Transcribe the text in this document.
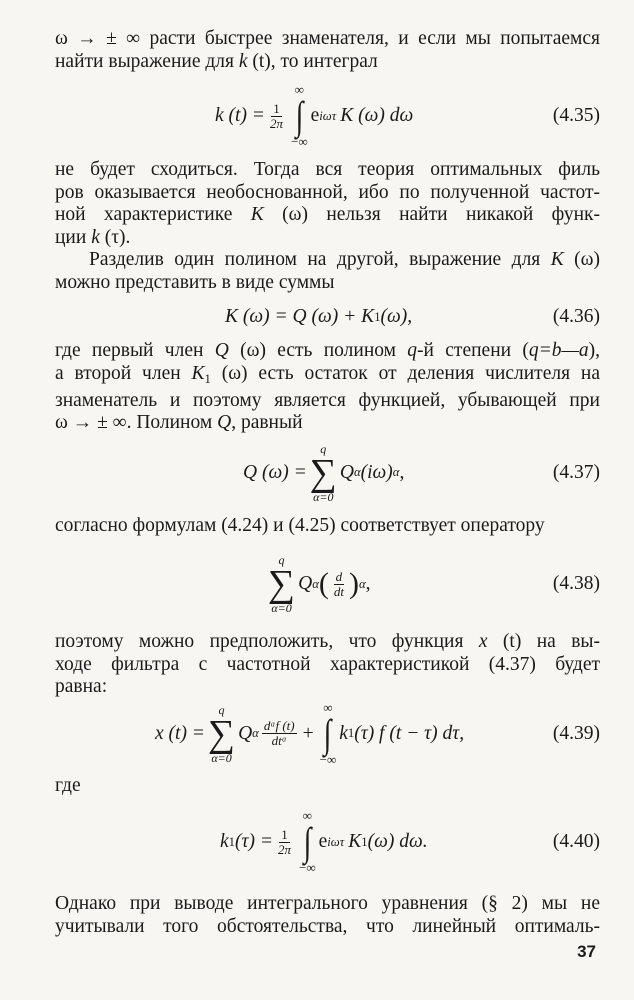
ω → ± ∞ расти быстрее знаменателя, и если мы попытаемся

найти выражение для k (t), то интеграл

k $(t) = \frac{1}{2\pi}$
∞
∫
−∞
e iωτ K (ω) dω	(4.35)

не будет сходиться. Тогда вся теория оптимальных филь

ров оказывается необоснованной, ибо по полученной частот-

ной характеристике K (ω) нельзя найти никакой функ-

ции k (τ).

Разделив один полином на другой, выражение для K (ω)

можно представить в виде суммы

K (ω) = Q (ω) + K 1 (ω),	(4.36)

где первый член Q (ω) есть полином q-й степени (q=b—a),

а второй член $K_1$ (ω) есть остаток от деления числителя на

знаменатель и поэтому является функцией, убывающей при

ω → ± ∞. Полином Q, равный

Q (ω) =
q
∑
α=0
Q α (iω) α ,	(4.37)

согласно формулам (4.24) и (4.25) соответствует оператору

q
∑
α=0
Q α ( $\frac{d}{dt}$ ) α ,	(4.38)

поэтому можно предположить, что функция x (t) на вы-

ходе фильтра с частотной характеристикой (4.37) будет

равна:

x (t) =
q
∑
α=0
Q α $\frac{\text{dᵅf (t)}}{\text{dtᵅ}}$ +
∞
∫
−∞
k 1 (τ) f (t − τ) dτ,	(4.39)

где

k 1 $(\tau) = \frac{1}{2\pi}$
∞
∫
−∞
e iωτ K 1 (ω) dω.	(4.40)

Однако при выводе интегрального уравнения (§ 2) мы не

учитывали того обстоятельства, что линейный оптималь-

37
